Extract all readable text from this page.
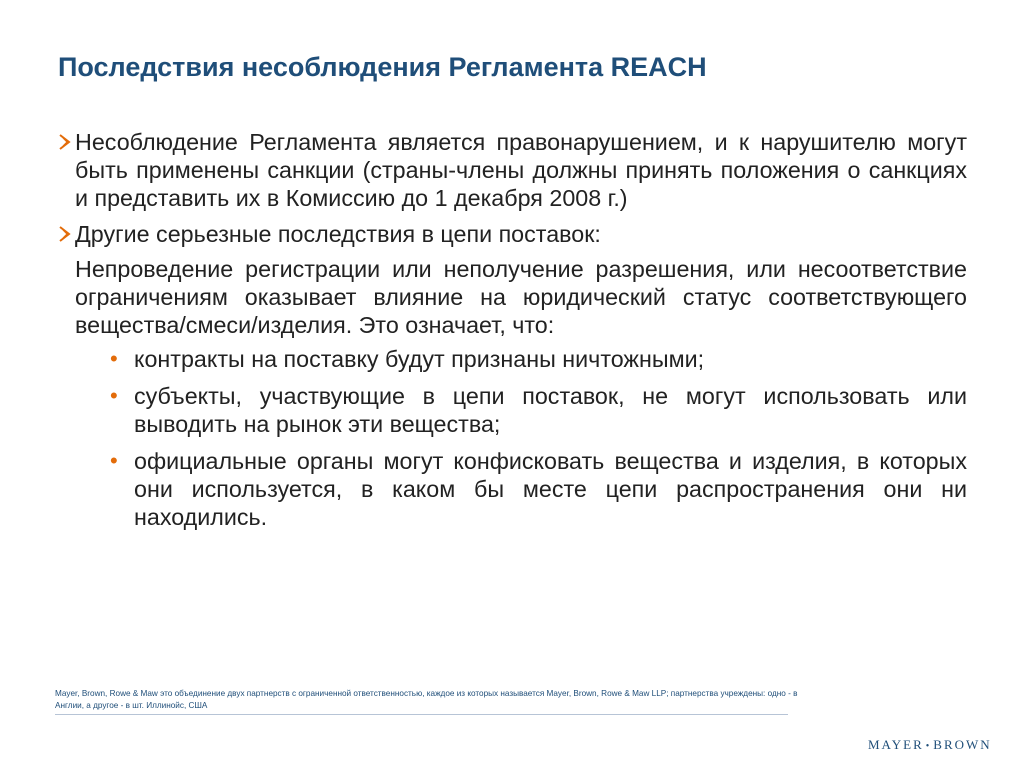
Последствия несоблюдения Регламента REACH

Несоблюдение Регламента является правонарушением, и к нарушителю могут быть применены санкции (страны-члены должны принять положения о санкциях и представить их в Комиссию до 1 декабря 2008 г.)

Другие серьезные последствия в цепи поставок:

Непроведение регистрации или неполучение разрешения, или несоответствие ограничениям оказывает влияние на юридический статус соответствующего вещества/смеси/изделия. Это означает, что:

• контракты на поставку будут признаны ничтожными;
• субъекты, участвующие в цепи поставок, не могут использовать или выводить на рынок эти вещества;
• официальные органы могут конфисковать вещества и изделия, в которых они используется, в каком бы месте цепи распространения они ни находились.

Mayer, Brown, Rowe & Maw это объединение двух партнерств с ограниченной ответственностью, каждое из которых называется Mayer, Brown, Rowe & Maw LLP; партнерства учреждены: одно - в Англии, а другое - в шт. Иллинойс, США

MAYER • BROWN
